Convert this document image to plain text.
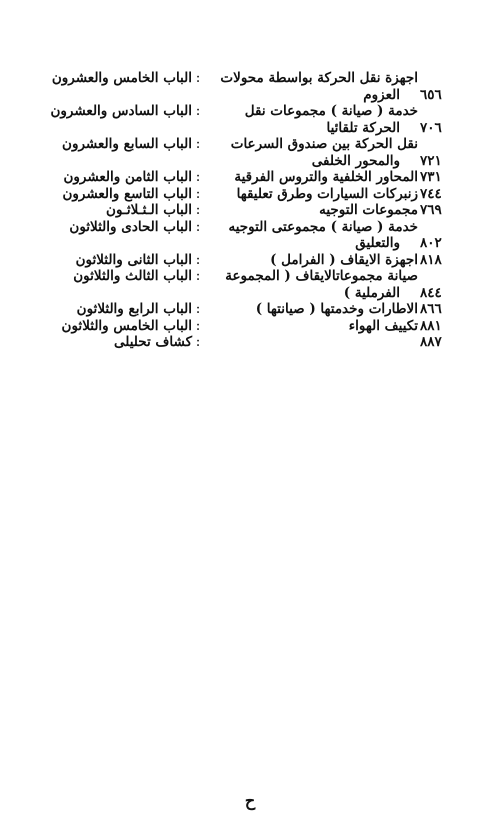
الباب الخامس والعشرون :	اجهزة نقل الحركة بواسطة محولات
العزوم	٦٥٦
الباب السادس والعشرون :	خدمة ( صيانة ) مجموعات نقل
الحركة تلقائيا	٧٠٦
الباب السابع والعشرون :	نقل الحركة بين صندوق السرعات
والمحور الخلفى	٧٢١
الباب الثامن والعشرون :	المحاور الخلفية والتروس الفرقية ٧٣١
الباب التاسع والعشرون :	زنبركات السيارات وطرق تعليقها ٧٤٤
الباب الـثـلاثـون :	مجموعات التوجيه ٧٦٩
الباب الحادى والثلاثون :	خدمة ( صيانة ) مجموعتى التوجيه
والتعليق	٨٠٢
الباب الثانى والثلاثون :	اجهزة الايقاف ( الفرامل ) ٨١٨
الباب الثالث والثلاثون :	صيانة مجموعاتالايقاف ( المجموعة
الفرملية )	٨٤٤
الباب الرابع والثلاثون :	الاطارات وخدمتها ( صيانتها ) ٨٦٦
الباب الخامس والثلاثون :	تكييف الهواء ٨٨١
كشاف تحليلى :	٨٨٧
ح
